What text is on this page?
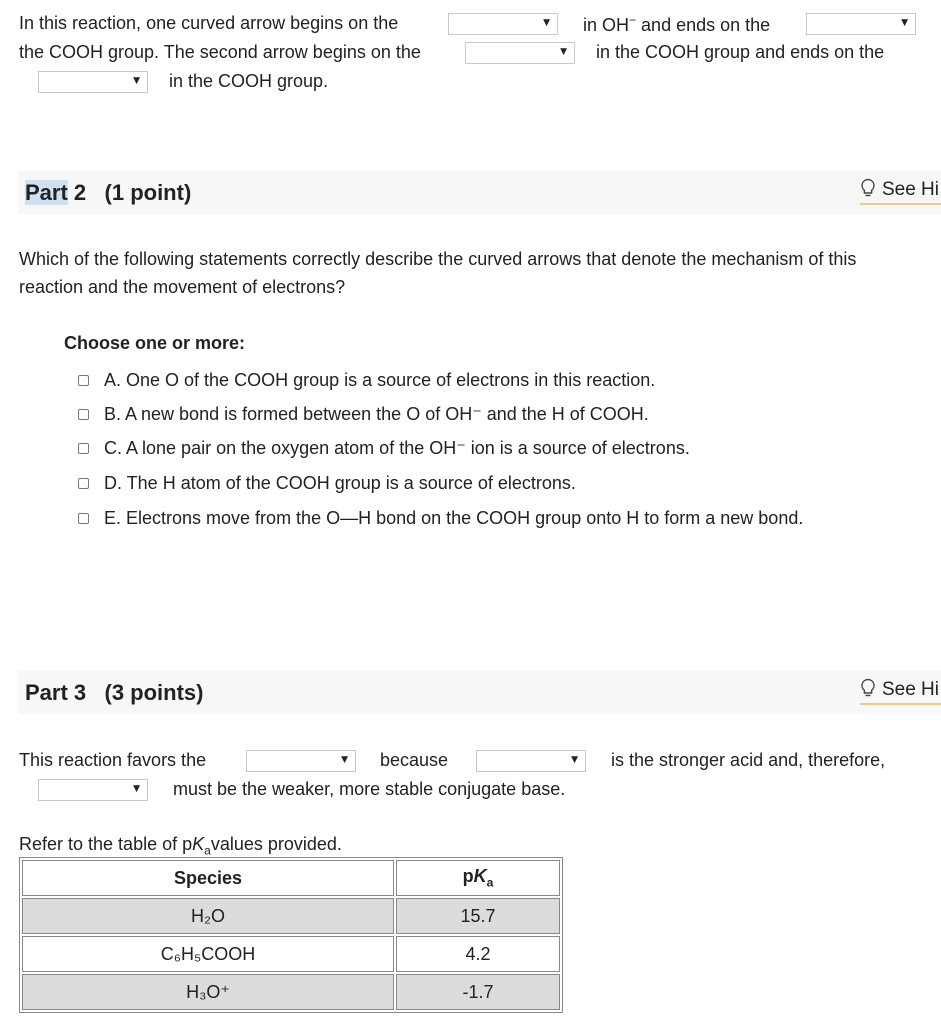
In this reaction, one curved arrow begins on the	▼ in OH− and ends on the	▼
the COOH group. The second arrow begins on the	▼ in the COOH group and ends on the
▼ in the COOH group.
Part 2 (1 point)	See Hi
Which of the following statements correctly describe the curved arrows that denote the mechanism of this
reaction and the movement of electrons?
Choose one or more:
A. One O of the COOH group is a source of electrons in this reaction.
B. A new bond is formed between the O of OH⁻ and the H of COOH.
C. A lone pair on the oxygen atom of the OH⁻ ion is a source of electrons.
D. The H atom of the COOH group is a source of electrons.
E. Electrons move from the O—H bond on the COOH group onto H to form a new bond.
Part 3 (3 points)	See Hi
This reaction favors the	▼ because	▼ is the stronger acid and, therefore,
▼ must be the weaker, more stable conjugate base.
Refer to the table of $pK_avalues$ provided.
Species	$pK_a$
H₂O	15.7
C₆H₅COOH	4.2
H₃O⁺	-1.7
